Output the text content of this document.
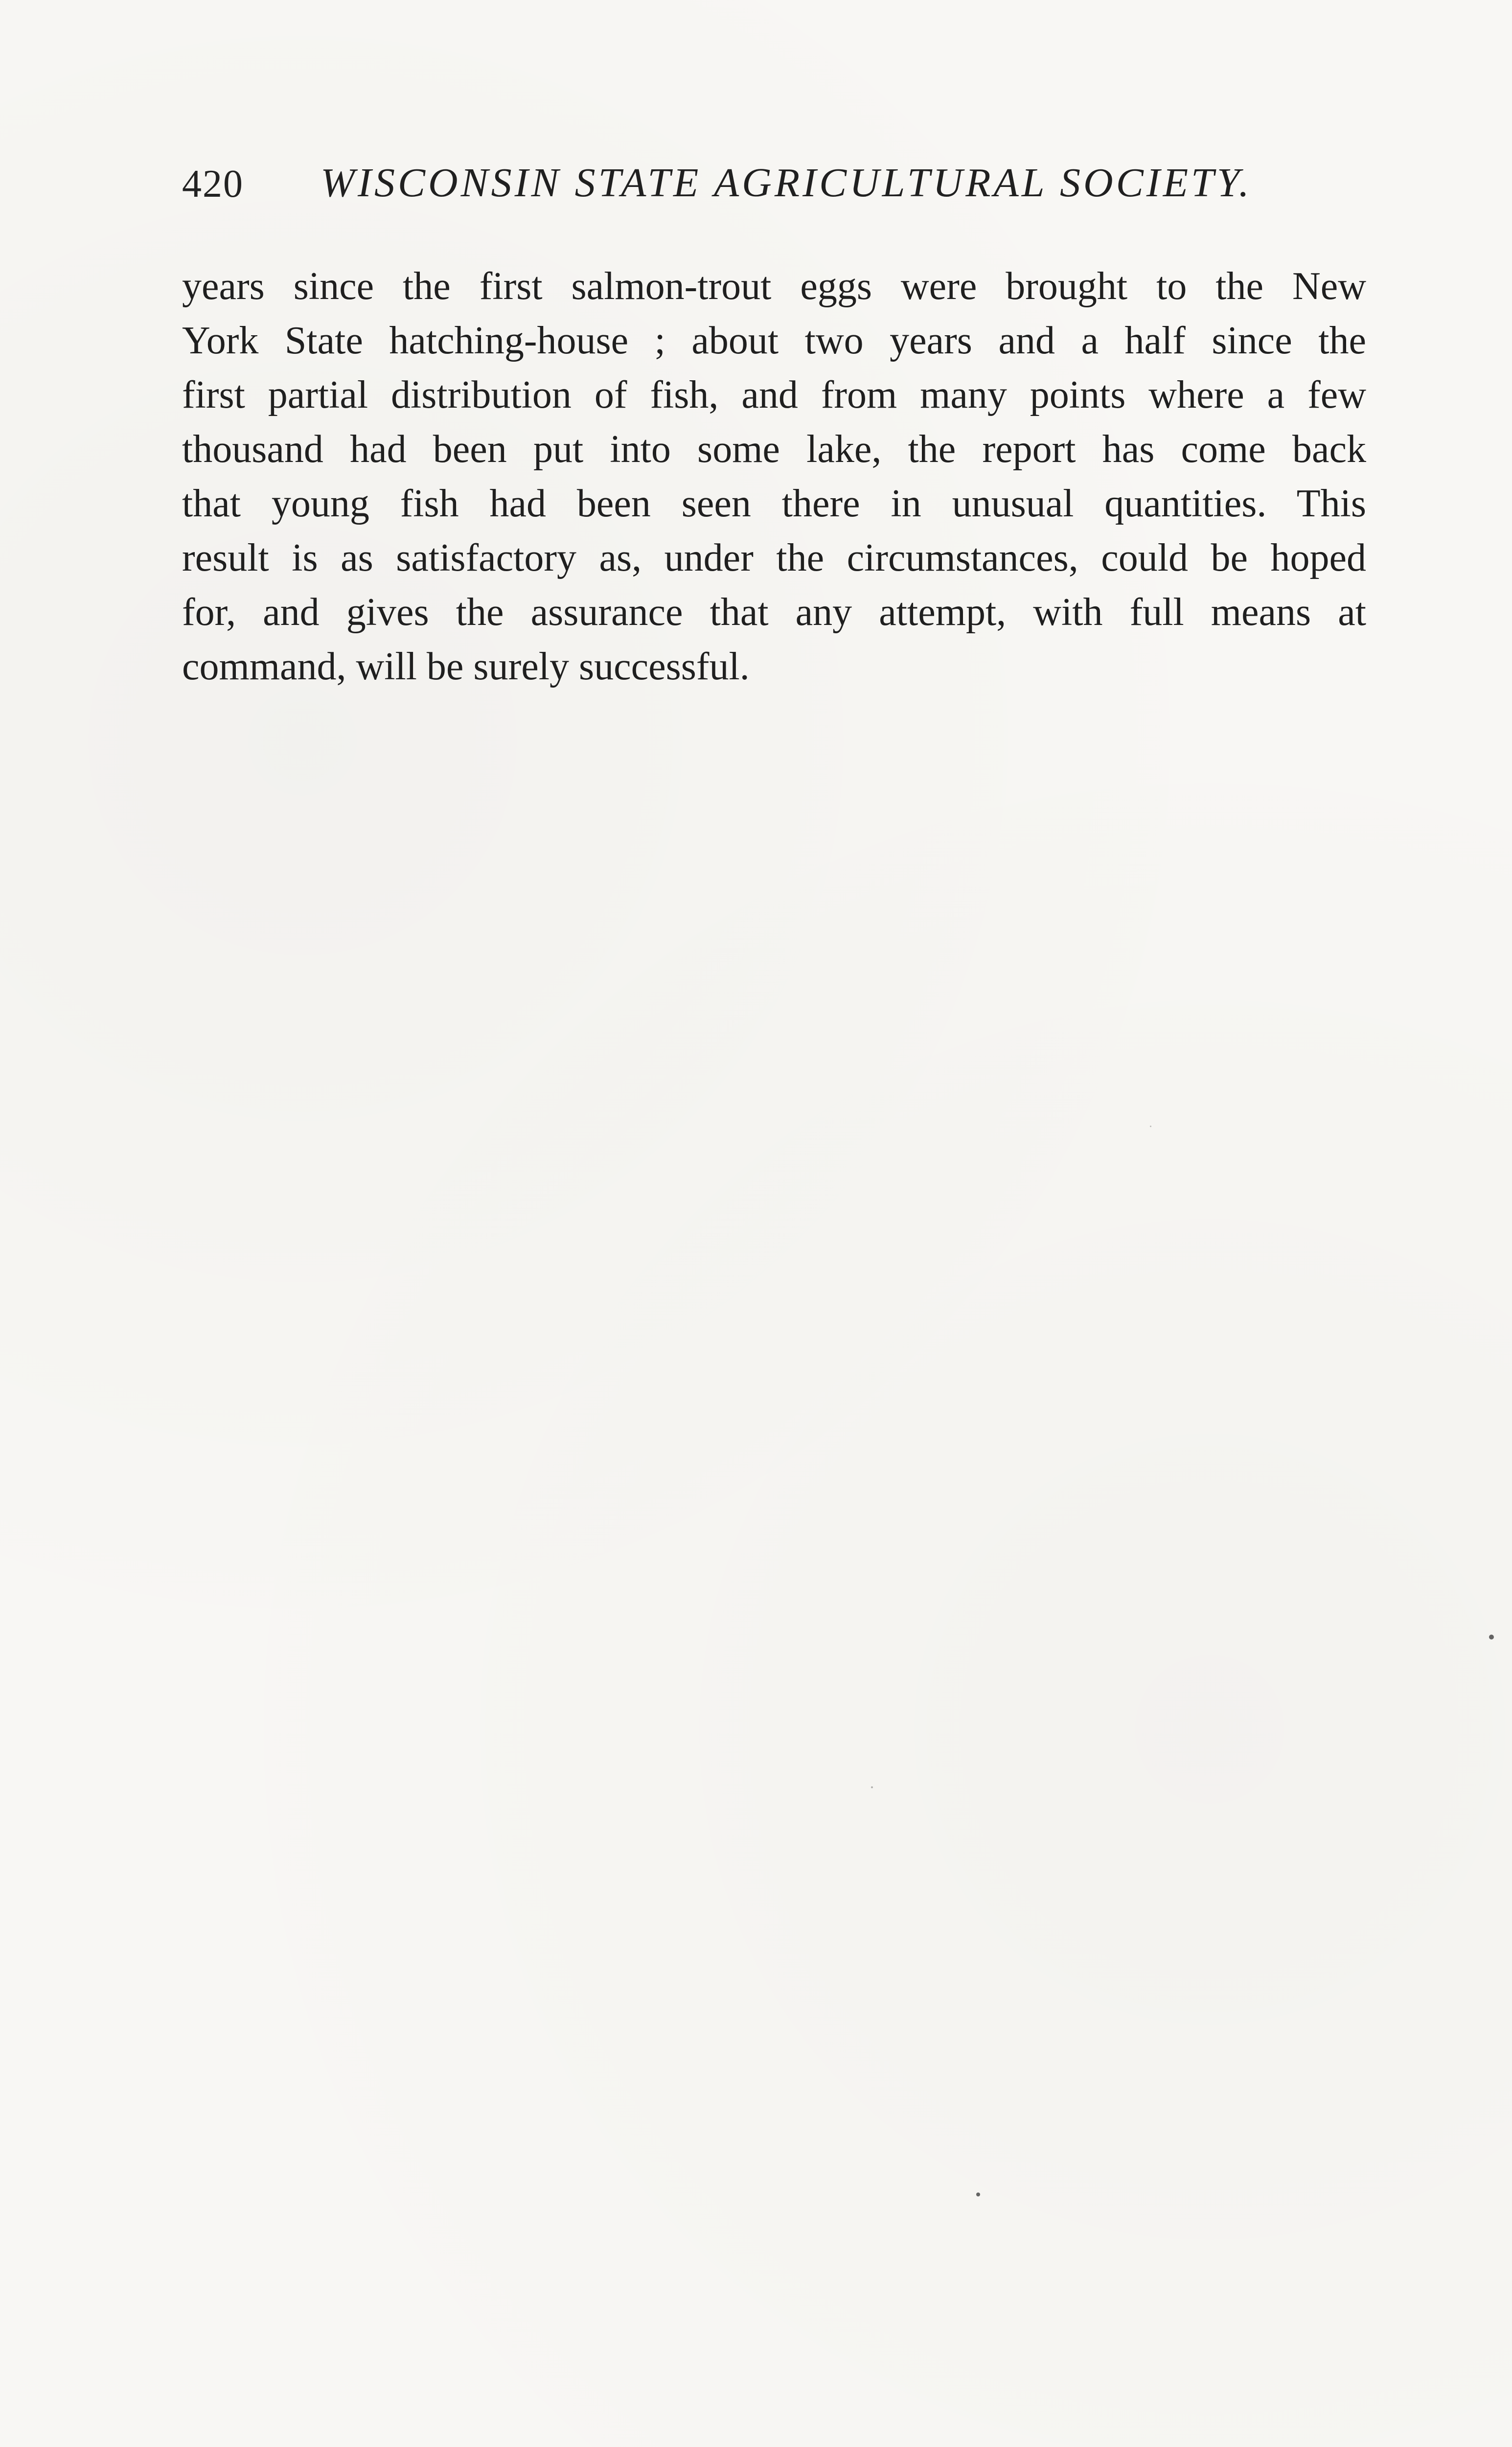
420 WISCONSIN STATE AGRICULTURAL SOCIETY.

years since the first salmon-trout eggs were brought to the New
York State hatching-house ; about two years and a half since the
first partial distribution of fish, and from many points where a few
thousand had been put into some lake, the report has come back
that young fish had been seen there in unusual quantities. This
result is as satisfactory as, under the circumstances, could be hoped
for, and gives the assurance that any attempt, with full means at
command, will be surely successful.
